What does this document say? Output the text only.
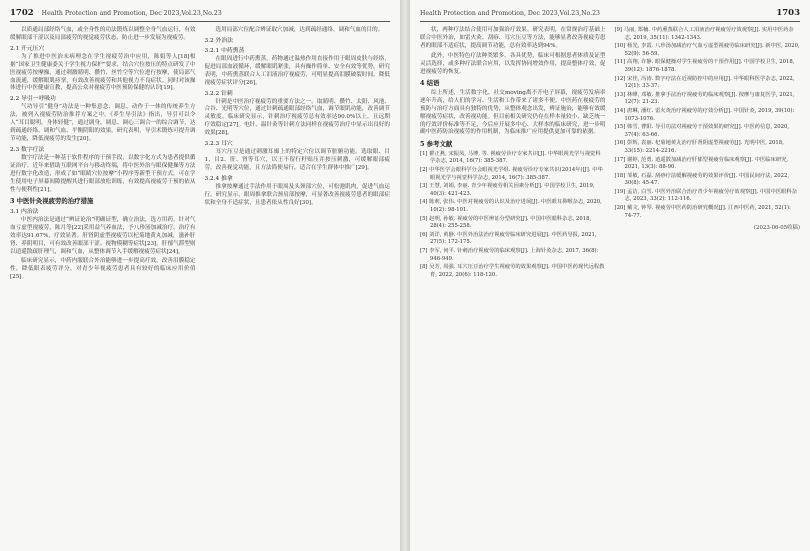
1702 Health Protection and Promotion, Dec 2023,Vol.23,No.23

以质通局部经络气血，或全身性的功法锻炼以调整全身气血运行，有效缓解眼部干涩以及局部疲劳的视觉疲劳状态，防止进一步发展为视疲劳。

2.1 开元压穴

为了推进中医治未病理念在学生视疲劳治中应用，陈娟等人[18]根据“国家卫生健康委关于学生视力保护”要求，结合穴位按压的特点研发了中医视疲劳按摩操，通过刺激睛明、攒竹、丝竹空等穴位进行按摩，使局部气血流通，缓解眼肌痉挛，有效改善视疲劳和其他视力不良症状。同时对该操体进行中医健康宣教，提高公众对视疲劳中医预防保健的认识[19]。

2.2 导引一呼吸功

气功导引“健身”功法是一种集意念、调息、动作于一体的传统养生方法，被列入视疲劳防治推荐方案之中。《养生导引法》指出，导引可以令人“耳目聪明，身体轻健”，通过调身、调息、调心三调合一的综合调节，达到疏通经络、调和气血、平衡阴阳的效果。研究表明，导引术锻炼可提升调节功能，降低视疲劳的发生[20]。

2.3 数字疗法

数字疗法是一种基于软件程序的干预手段，以数字化方式为患者提供循证治疗。近年来借助互联网平台与移动终端，将中医外治与眼保健操等方法进行数字化改造，形成了如“眼睛穴位按摩”小程序等新型干预方式，可在学生使用电子屏幕间隙提醒其进行眼部放松训练，有效提高视疲劳干预的依从性与便利性[21]。

3 中医针灸视疲劳的治疗措施
3.1 内治法

中医内治法是通过“辨证论治”明确证型，确立治法，选方用药。针对气血亏虚型视疲劳，陈月等[22]采用益气养血法，予八珍汤加减治疗，治疗有效率达91.67%，疗效显著。肝肾阴虚型视疲劳以杞菊地黄丸加减，滋补肝肾、养阴明目，可有效改善眼部干涩、视物模糊等症状[23]。肝郁气滞型则以逍遥散疏肝理气，调和气血，从整体调节入手缓解视疲劳症状[24]。

临床研究显示，中药内服联合外治能够进一步提高疗效，改善泪膜稳定性，降低眼表疲劳评分，对青少年视疲劳患者具有较好的临床应用价值[25]。

选用局部穴位配合辨证取穴加减，达到疏经通络、调和气血的目的。

3.2 外治法
3.2.1 中药熏蒸

在眼周进行中药熏蒸，药物通过温热作用直接作用于眼周皮肤与经络，促进局部血液循环，缓解眼肌紧张，具有操作简单、安全有效等优势。研究表明，中药熏蒸联合人工泪液治疗视疲劳，可明显提高泪膜破裂时间，降低视疲劳症状评分[26]。

3.2.2 针刺

针刺是中医治疗视疲劳的重要方法之一。取睛明、攒竹、太阳、风池、合谷、光明等穴位，通过针刺疏通眼部经络气血，调节眼肌功能，改善调节灵敏度。临床研究显示，针刺治疗视疲劳总有效率达90.0%以上，且远期疗效稳定[27]。电针、温针灸等针刺方法同样在视疲劳治疗中显示出良好的效果[28]。

3.2.3 耳穴

耳穴压豆是通过刺激耳廓上的特定穴位以调节脏腑功能。选取眼、目1、目2、肝、肾等耳穴，以王不留行籽贴压并按压刺激，可缓解眼部疲劳，改善视觉功能，且方法简便易行，适合在学生群体中推广[29]。

3.2.4 推拿

推拿按摩通过手法作用于眼周及头颈部穴位，可松弛肌肉，促进气血运行。研究显示，眼周推拿联合颈肩部按摩，可显著改善视疲劳患者的眼部症状和全身不适症状，且患者依从性良好[30]。

Health Protection and Promotion, Dec 2023,Vol.23,No.23	1703

状，两种疗法结合使用可加强治疗效果。研究表明，在常规治疗基础上联合中医外治，如雷火灸、刮痧、耳穴压豆等方法，能够显著改善视疲劳患者的眼部不适症状，提高调节功能，总有效率达到94%。

此外，中医特色疗法种类繁多，各具优势，临床可根据患者体质及证型灵活选择，或多种疗法联合应用，以发挥协同增效作用，提高整体疗效，促进视疲劳的恢复。

4 结语

综上所述，生活数字化、社交moving离不开电子屏幕，视疲劳发病率逐年升高，给人们的学习、生活和工作带来了诸多不便。中医药在视疲劳的预防与治疗方面具有独特的优势，从整体观念出发，辨证施治，能够有效缓解视疲劳症状，改善视功能。但目前相关研究仍存在样本量较小、缺乏统一的疗效评价标准等不足，今后应开展多中心、大样本的临床研究，进一步明确中医药防治视疲劳的作用机制，为临床推广应用提供更加可靠的依据。

5 参考文献
[1] 瞿正燕, 宋振凤, 马博, 等. 视疲劳诊疗专家共识[J]. 中华眼视光学与视觉科学杂志, 2014, 16(7): 385-387.
[2] 中华医学会眼科学分会眼视光学组. 视疲劳诊疗专家共识(2014年)[J]. 中华眼视光学与视觉科学杂志, 2014, 16(7): 385-387.
[3] 王慧, 刘娟, 李丽. 青少年视疲劳相关因素分析[J]. 中国学校卫生, 2019, 40(3): 421-423.
[4] 陈莉, 张伟. 中医对视疲劳的认识及治疗进展[J]. 中医眼耳鼻喉杂志, 2020, 10(2): 98-101.
[5] 赵明, 孙敏. 视疲劳的中医辨证分型研究[J]. 中国中医眼科杂志, 2018, 28(4): 255-258.
[6] 刘洋, 黄静. 中医外治法治疗视疲劳临床研究进展[J]. 中医药导报, 2021, 27(5): 172-175.
[7] 李军, 何平. 针刺治疗视疲劳的临床观察[J]. 上海针灸杂志, 2017, 36(8): 946-949.
[8] 吴芳, 周强. 耳穴压豆治疗学生视疲劳的效果观察[J]. 中国中医药现代远程教育, 2022, 20(6): 118-120.
[9] 马丽, 郑楠. 中药熏蒸联合人工泪液治疗视疲劳疗效观察[J]. 实用中医药杂志, 2019, 35(11): 1342-1343.
[10] 杨光, 李霞. 八珍汤加减治疗气血亏虚型视疲劳临床研究[J]. 新中医, 2020, 52(9): 56-59.
[11] 高翔, 许静. 眼保健操对学生视疲劳的干预作用[J]. 中国学校卫生, 2018, 39(12): 1876-1878.
[12] 宋佳, 冯涛. 数字疗法在近视防控中的应用[J]. 中华眼科医学杂志, 2022, 12(1): 33-37.
[13] 林峰, 邓敏. 推拿手法治疗视疲劳的临床观察[J]. 按摩与康复医学, 2021, 12(7): 21-23.
[14] 唐琳, 潘红. 雷火灸治疗视疲劳的疗效分析[J]. 中国针灸, 2019, 39(10): 1073-1076.
[15] 韩雪, 曹阳. 导引功法对视疲劳干预效果的研究[J]. 中医药信息, 2020, 37(4): 63-66.
[16] 彭辉, 袁丽. 杞菊地黄丸治疗肝肾阴虚型视疲劳[J]. 光明中医, 2018, 33(15): 2214-2216.
[17] 谢婷, 范勇. 逍遥散加减治疗肝郁型视疲劳临床观察[J]. 中医临床研究, 2021, 13(3): 88-90.
[18] 邹敏, 石磊. 刮痧疗法缓解视疲劳的效果评价[J]. 中国民间疗法, 2022, 30(8): 45-47.
[19] 孟洁, 白雪. 中医外治联合治疗青少年视疲劳疗效观察[J]. 中国中医眼科杂志, 2023, 33(2): 112-116.
[20] 戴文, 钟琴. 视疲劳中医药防治研究概况[J]. 江西中医药, 2021, 52(1): 74-77.
(2023-06-05收稿)
